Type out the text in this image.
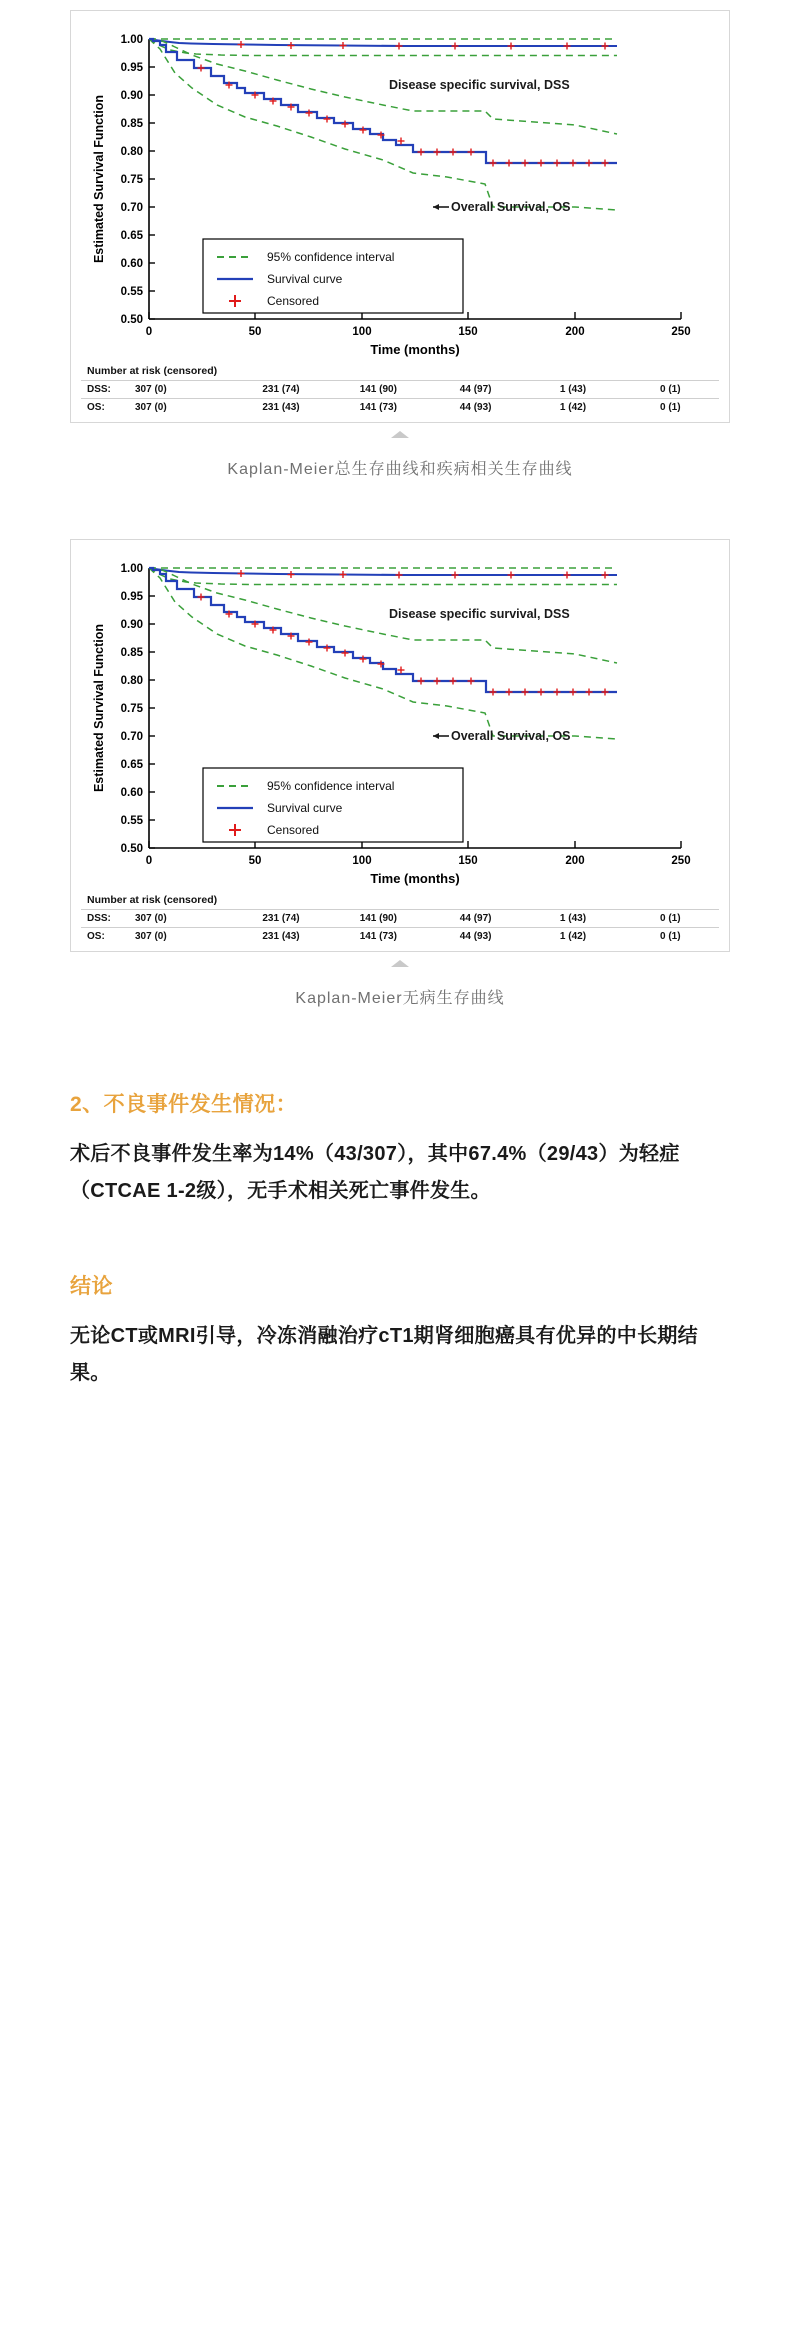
1.00
0.95
0.90
0.85
0.80
0.75
0.70
0.65
0.60
0.55
0.50
Estimated Survival Function
0	50	100	150	200	250
Time (months)
Disease specific survival, DSS
Overall Survival, OS
95% confidence interval
Survival curve
Censored
Number at risk (censored)
DSS:	307 (0)	231 (74)	141 (90)	44 (97)	1 (43)	0 (1)
OS:	307 (0)	231 (43)	141 (73)	44 (93)	1 (42)	0 (1)
Kaplan-Meier总生存曲线和疾病相关生存曲线
1.00
0.95
0.90
0.85
0.80
0.75
0.70
0.65
0.60
0.55
0.50
Estimated Survival Function
0	50	100	150	200	250
Time (months)
Disease specific survival, DSS
Overall Survival, OS
95% confidence interval
Survival curve
Censored
Number at risk (censored)
DSS:	307 (0)	231 (74)	141 (90)	44 (97)	1 (43)	0 (1)
OS:	307 (0)	231 (43)	141 (73)	44 (93)	1 (42)	0 (1)
Kaplan-Meier无病生存曲线
2、不良事件发生情况：
术后不良事件发生率为14%（43/307），其中67.4%（29/43）为轻症（CTCAE 1-2级），无手术相关死亡事件发生。
结论
无论CT或MRI引导，冷冻消融治疗cT1期肾细胞癌具有优异的中长期结果。
